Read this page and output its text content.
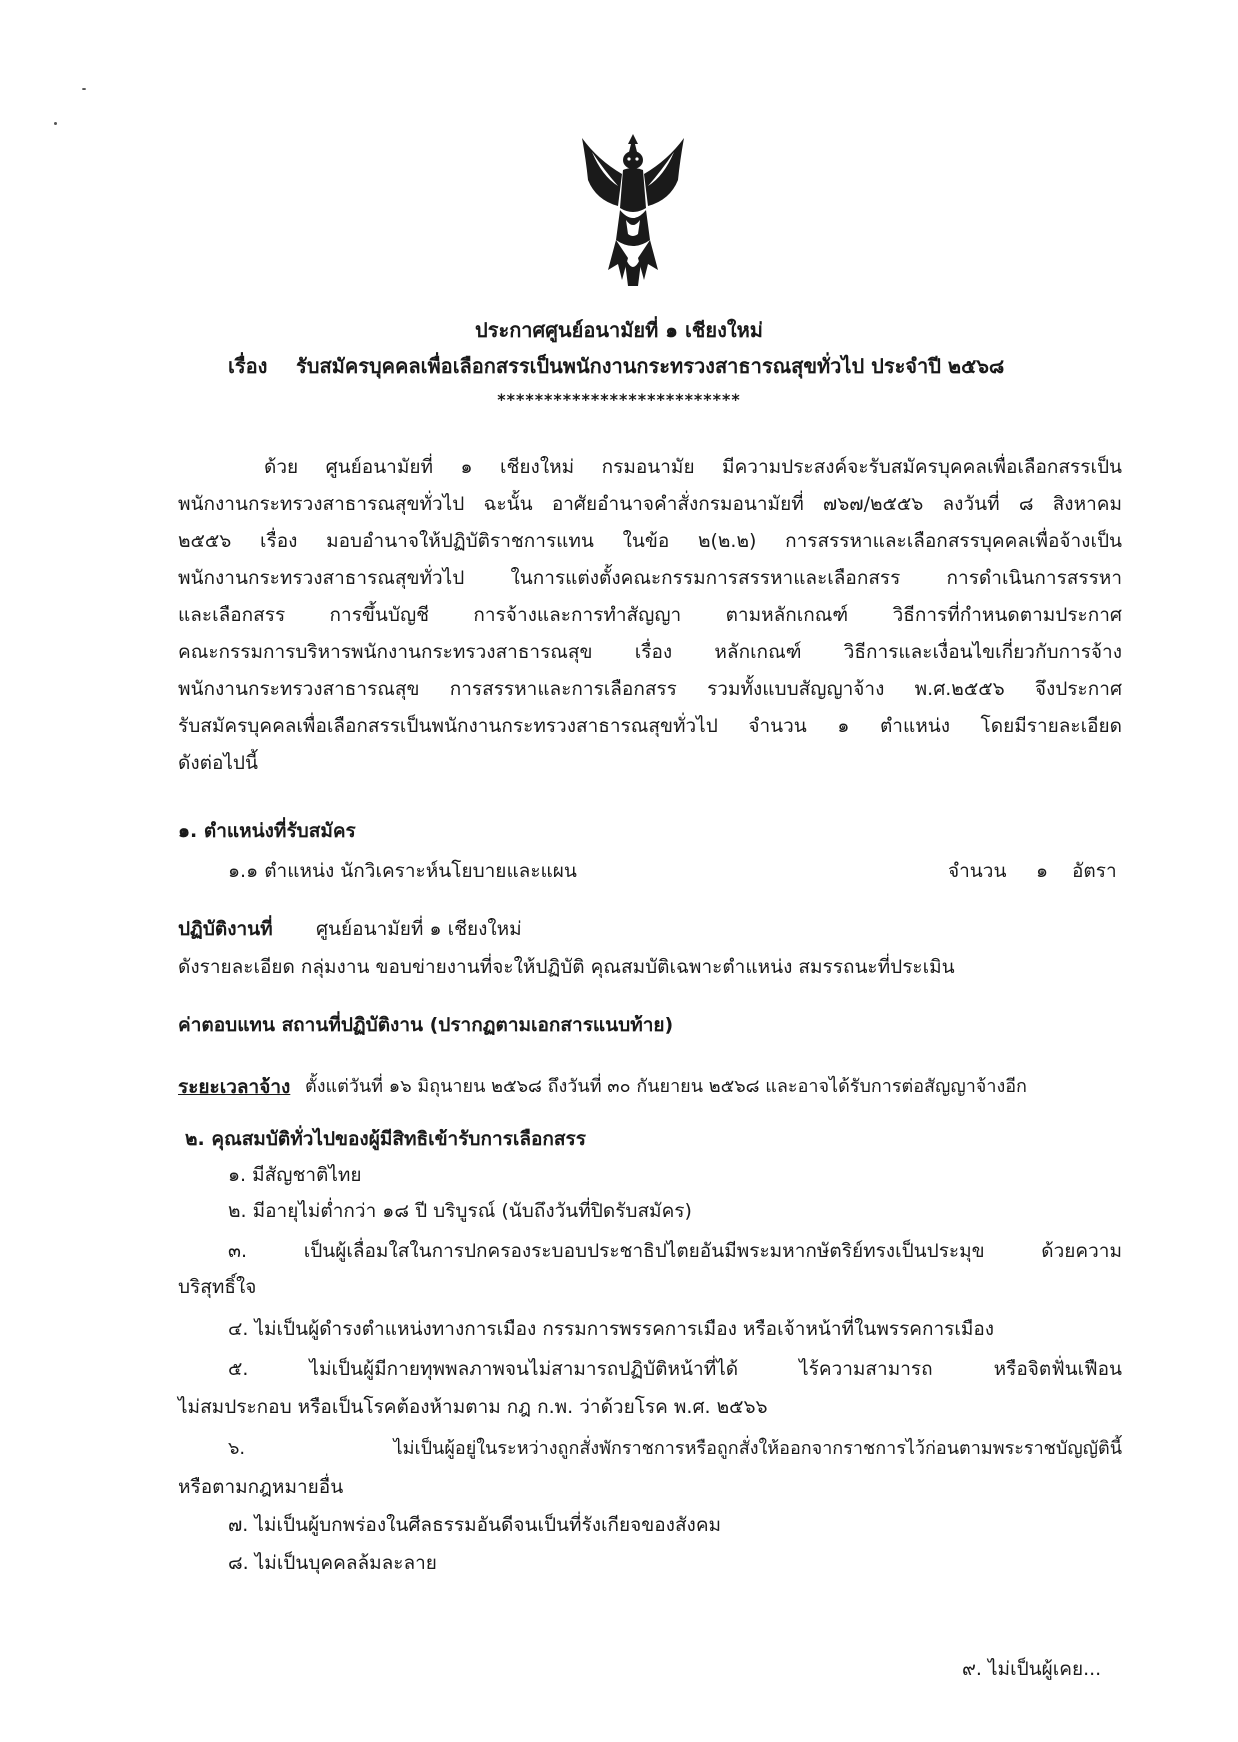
ประกาศศูนย์อนามัยที่ ๑ เชียงใหม่
เรื่อง รับสมัครบุคคลเพื่อเลือกสรรเป็นพนักงานกระทรวงสาธารณสุขทั่วไป ประจำปี ๒๕๖๘
**************************
ด้วย ศูนย์อนามัยที่ ๑ เชียงใหม่ กรมอนามัย มีความประสงค์จะรับสมัครบุคคลเพื่อเลือกสรรเป็น
พนักงานกระทรวงสาธารณสุขทั่วไป ฉะนั้น อาศัยอำนาจคำสั่งกรมอนามัยที่ ๗๖๗/๒๕๕๖ ลงวันที่ ๘ สิงหาคม
๒๕๕๖ เรื่อง มอบอำนาจให้ปฏิบัติราชการแทน ในข้อ ๒(๒.๒) การสรรหาและเลือกสรรบุคคลเพื่อจ้างเป็น
พนักงานกระทรวงสาธารณสุขทั่วไป ในการแต่งตั้งคณะกรรมการสรรหาและเลือกสรร การดำเนินการสรรหา
และเลือกสรร การขึ้นบัญชี การจ้างและการทำสัญญา ตามหลักเกณฑ์ วิธีการที่กำหนดตามประกาศ
คณะกรรมการบริหารพนักงานกระทรวงสาธารณสุข เรื่อง หลักเกณฑ์ วิธีการและเงื่อนไขเกี่ยวกับการจ้าง
พนักงานกระทรวงสาธารณสุข การสรรหาและการเลือกสรร รวมทั้งแบบสัญญาจ้าง พ.ศ.๒๕๕๖ จึงประกาศ
รับสมัครบุคคลเพื่อเลือกสรรเป็นพนักงานกระทรวงสาธารณสุขทั่วไป จำนวน ๑ ตำแหน่ง โดยมีรายละเอียด
ดังต่อไปนี้
๑. ตำแหน่งที่รับสมัคร
๑.๑ ตำแหน่ง นักวิเคราะห์นโยบายและแผน	จำนวน ๑ อัตรา
ปฏิบัติงานที่ ศูนย์อนามัยที่ ๑ เชียงใหม่
ดังรายละเอียด กลุ่มงาน ขอบข่ายงานที่จะให้ปฏิบัติ คุณสมบัติเฉพาะตำแหน่ง สมรรถนะที่ประเมิน
ค่าตอบแทน สถานที่ปฏิบัติงาน (ปรากฏตามเอกสารแนบท้าย)
ระยะเวลาจ้าง ตั้งแต่วันที่ ๑๖ มิถุนายน ๒๕๖๘ ถึงวันที่ ๓๐ กันยายน ๒๕๖๘ และอาจได้รับการต่อสัญญาจ้างอีก
๒. คุณสมบัติทั่วไปของผู้มีสิทธิเข้ารับการเลือกสรร
๑. มีสัญชาติไทย
๒. มีอายุไม่ต่ำกว่า ๑๘ ปี บริบูรณ์ (นับถึงวันที่ปิดรับสมัคร)
๓. เป็นผู้เลื่อมใสในการปกครองระบอบประชาธิปไตยอันมีพระมหากษัตริย์ทรงเป็นประมุข ด้วยความ
บริสุทธิ์ใจ
๔. ไม่เป็นผู้ดำรงตำแหน่งทางการเมือง กรรมการพรรคการเมือง หรือเจ้าหน้าที่ในพรรคการเมือง
๕. ไม่เป็นผู้มีกายทุพพลภาพจนไม่สามารถปฏิบัติหน้าที่ได้ ไร้ความสามารถ หรือจิตฟั่นเฟือน
ไม่สมประกอบ หรือเป็นโรคต้องห้ามตาม กฎ ก.พ. ว่าด้วยโรค พ.ศ. ๒๕๖๖
๖. ไม่เป็นผู้อยู่ในระหว่างถูกสั่งพักราชการหรือถูกสั่งให้ออกจากราชการไว้ก่อนตามพระราชบัญญัตินี้
หรือตามกฎหมายอื่น
๗. ไม่เป็นผู้บกพร่องในศีลธรรมอันดีจนเป็นที่รังเกียจของสังคม
๘. ไม่เป็นบุคคลล้มละลาย
๙. ไม่เป็นผู้เคย...
